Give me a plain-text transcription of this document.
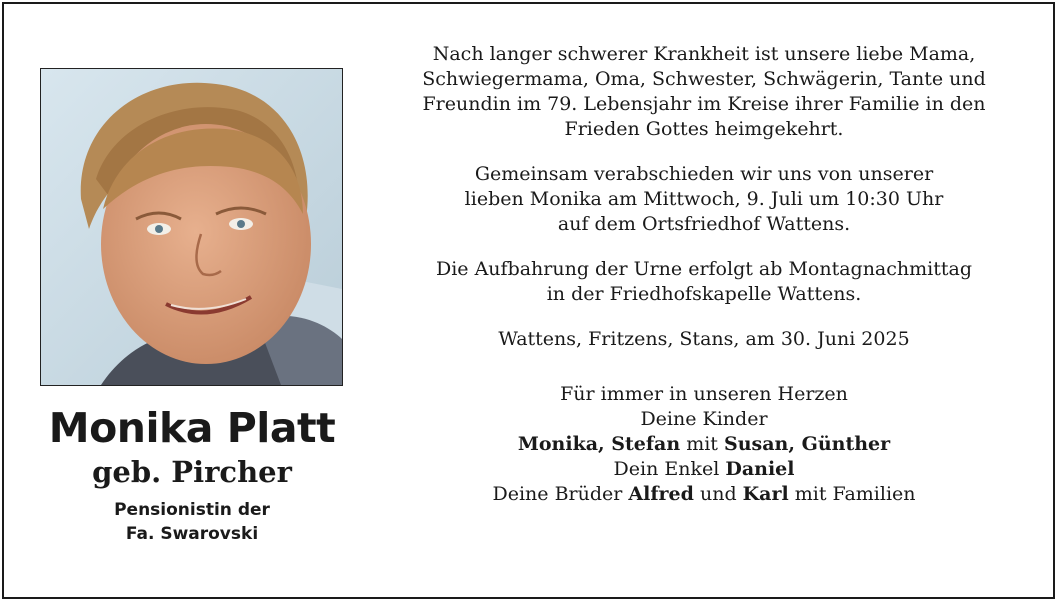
Monika Platt
geb. Pircher
Pensionistin der
Fa. Swarovski

Nach langer schwerer Krankheit ist unsere liebe Mama,
Schwiegermama, Oma, Schwester, Schwägerin, Tante und
Freundin im 79. Lebensjahr im Kreise ihrer Familie in den
Frieden Gottes heimgekehrt.

Gemeinsam verabschieden wir uns von unserer
lieben Monika am Mittwoch, 9. Juli um 10:30 Uhr
auf dem Ortsfriedhof Wattens.

Die Aufbahrung der Urne erfolgt ab Montagnachmittag
in der Friedhofskapelle Wattens.

Wattens, Fritzens, Stans, am 30. Juni 2025

Für immer in unseren Herzen
Deine Kinder
Monika, Stefan mit Susan, Günther
Dein Enkel Daniel
Deine Brüder Alfred und Karl mit Familien
